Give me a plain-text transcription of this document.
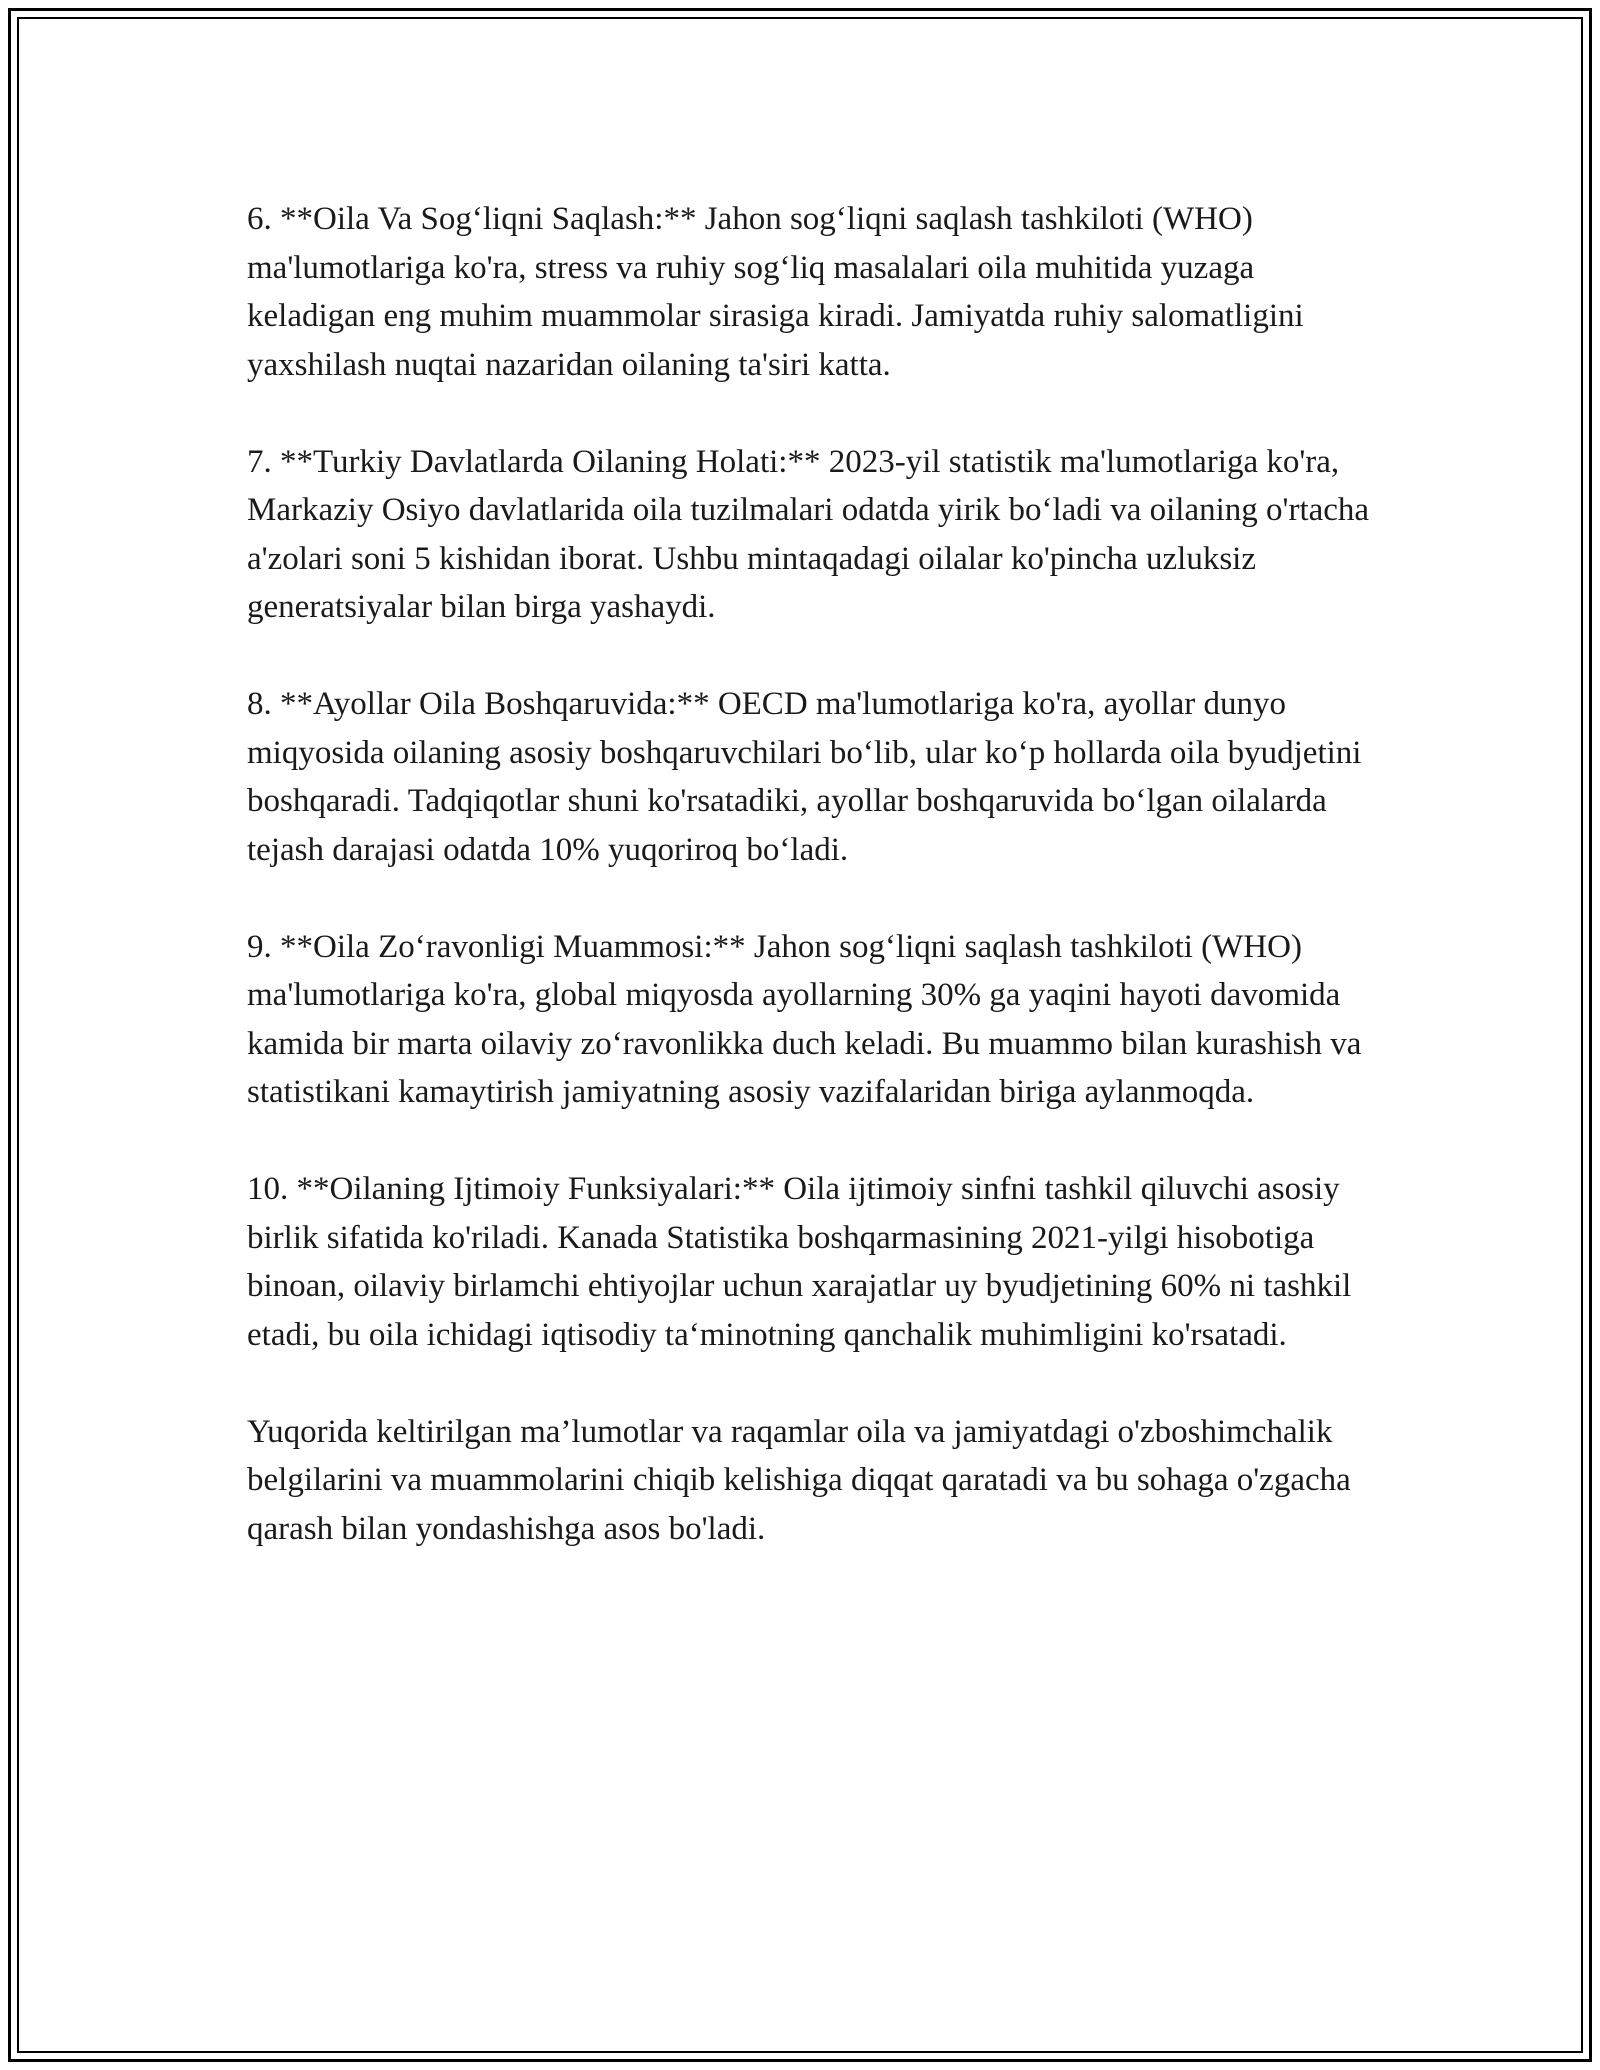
6. **Oila Va Sog‘liqni Saqlash:** Jahon sog‘liqni saqlash tashkiloti (WHO) ma'lumotlariga ko'ra, stress va ruhiy sog‘liq masalalari oila muhitida yuzaga keladigan eng muhim muammolar sirasiga kiradi. Jamiyatda ruhiy salomatligini yaxshilash nuqtai nazaridan oilaning ta'siri katta.

7. **Turkiy Davlatlarda Oilaning Holati:** 2023-yil statistik ma'lumotlariga ko'ra, Markaziy Osiyo davlatlarida oila tuzilmalari odatda yirik bo‘ladi va oilaning o'rtacha a'zolari soni 5 kishidan iborat. Ushbu mintaqadagi oilalar ko'pincha uzluksiz generatsiyalar bilan birga yashaydi.

8. **Ayollar Oila Boshqaruvida:** OECD ma'lumotlariga ko'ra, ayollar dunyo miqyosida oilaning asosiy boshqaruvchilari bo‘lib, ular ko‘p hollarda oila byudjetini boshqaradi. Tadqiqotlar shuni ko'rsatadiki, ayollar boshqaruvida bo‘lgan oilalarda tejash darajasi odatda 10% yuqoriroq bo‘ladi.

9. **Oila Zo‘ravonligi Muammosi:** Jahon sog‘liqni saqlash tashkiloti (WHO) ma'lumotlariga ko'ra, global miqyosda ayollarning 30% ga yaqini hayoti davomida kamida bir marta oilaviy zo‘ravonlikka duch keladi. Bu muammo bilan kurashish va statistikani kamaytirish jamiyatning asosiy vazifalaridan biriga aylanmoqda.

10. **Oilaning Ijtimoiy Funksiyalari:** Oila ijtimoiy sinfni tashkil qiluvchi asosiy birlik sifatida ko'riladi. Kanada Statistika boshqarmasining 2021-yilgi hisobotiga binoan, oilaviy birlamchi ehtiyojlar uchun xarajatlar uy byudjetining 60% ni tashkil etadi, bu oila ichidagi iqtisodiy ta‘minotning qanchalik muhimligini ko'rsatadi.

Yuqorida keltirilgan ma’lumotlar va raqamlar oila va jamiyatdagi o'zboshimchalik belgilarini va muammolarini chiqib kelishiga diqqat qaratadi va bu sohaga o'zgacha qarash bilan yondashishga asos bo'ladi.
